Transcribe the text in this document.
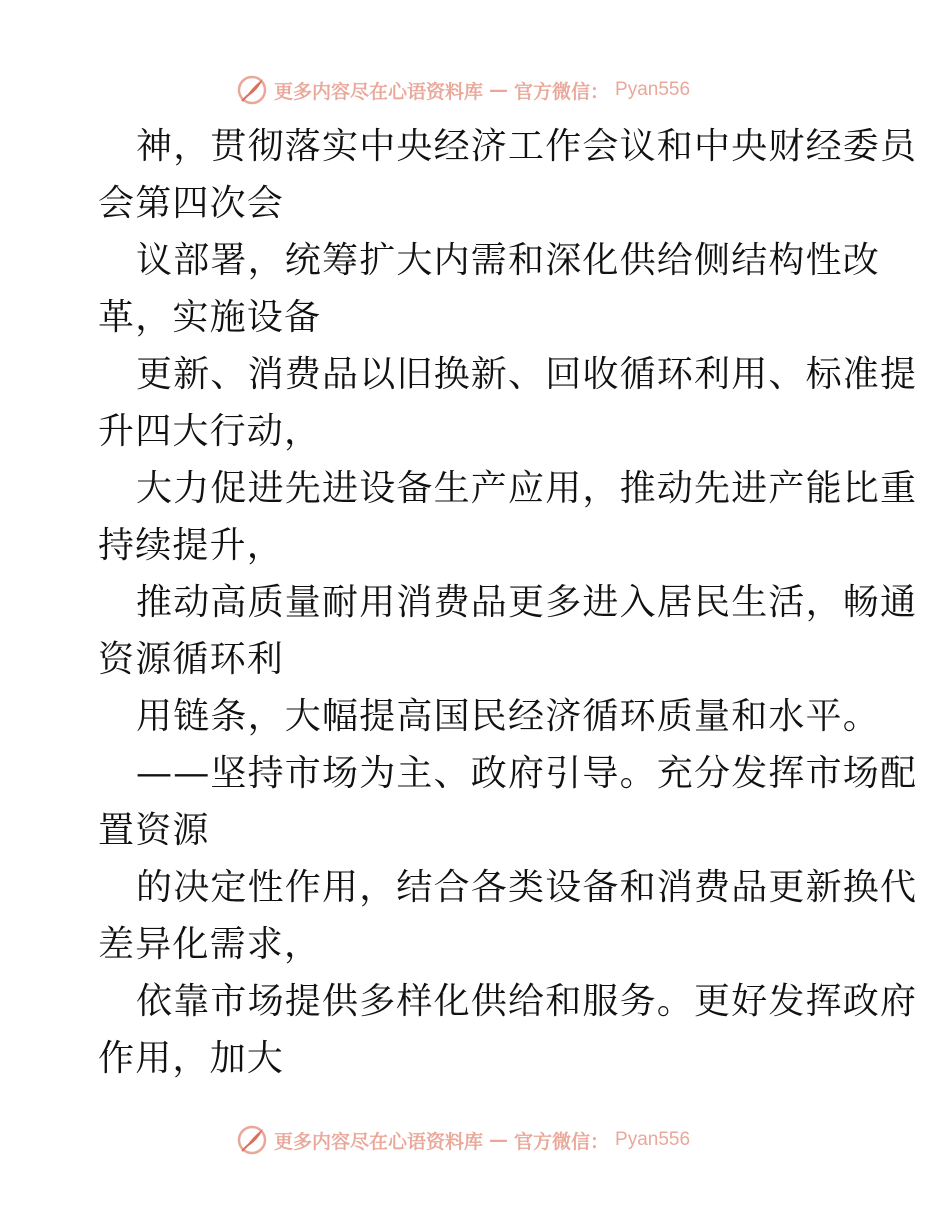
更多内容尽在心语资料库 — 官方微信： Pyan556
神，贯彻落实中央经济工作会议和中央财经委员
会第四次会
议部署，统筹扩大内需和深化供给侧结构性改
革，实施设备
更新、消费品以旧换新、回收循环利用、标准提
升四大行动，
大力促进先进设备生产应用，推动先进产能比重
持续提升，
推动高质量耐用消费品更多进入居民生活，畅通
资源循环利
用链条，大幅提高国民经济循环质量和水平。
——坚持市场为主、政府引导。充分发挥市场配
置资源
的决定性作用，结合各类设备和消费品更新换代
差异化需求，
依靠市场提供多样化供给和服务。更好发挥政府
作用，加大
更多内容尽在心语资料库 — 官方微信： Pyan556
